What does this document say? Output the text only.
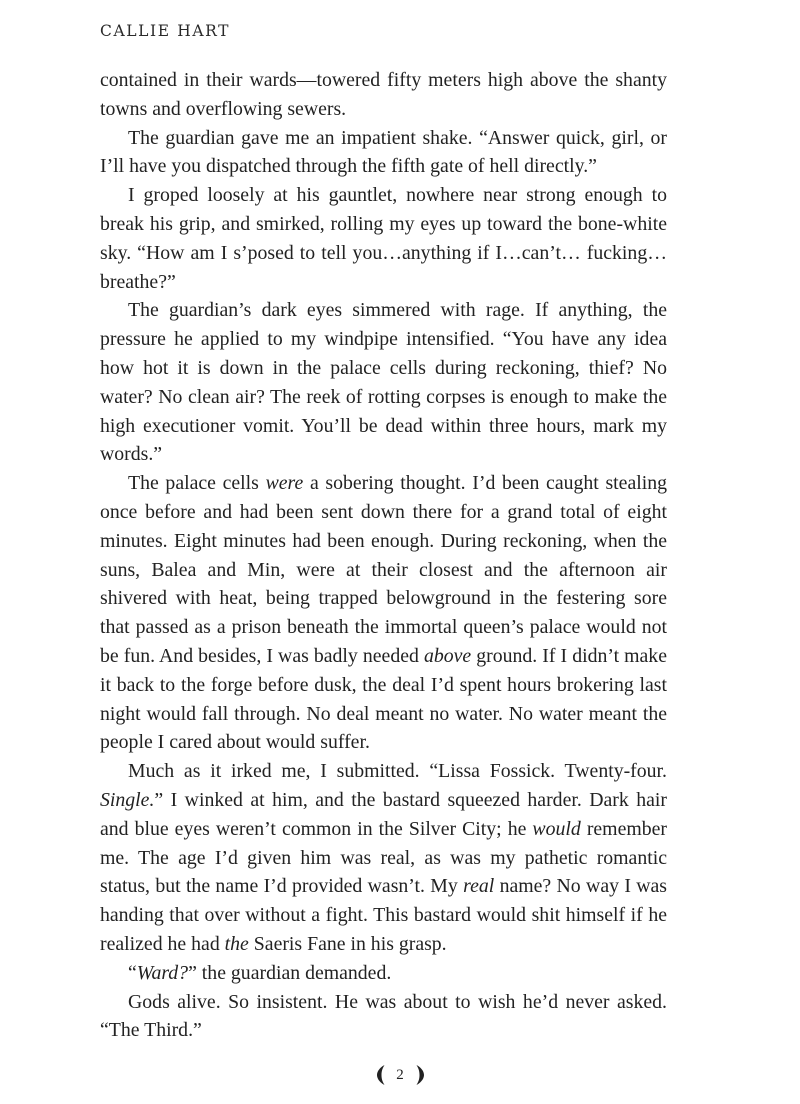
CALLIE HART

contained in their wards—towered fifty meters high above the shanty towns and overflowing sewers.

The guardian gave me an impatient shake. “Answer quick, girl, or I’ll have you dispatched through the fifth gate of hell directly.”

I groped loosely at his gauntlet, nowhere near strong enough to break his grip, and smirked, rolling my eyes up toward the bone-white sky. “How am I s’posed to tell you…anything if I…can’t… fucking…breathe?”

The guardian’s dark eyes simmered with rage. If anything, the pressure he applied to my windpipe intensified. “You have any idea how hot it is down in the palace cells during reckoning, thief? No water? No clean air? The reek of rotting corpses is enough to make the high executioner vomit. You’ll be dead within three hours, mark my words.”

The palace cells were a sobering thought. I’d been caught stealing once before and had been sent down there for a grand total of eight minutes. Eight minutes had been enough. During reckoning, when the suns, Balea and Min, were at their closest and the afternoon air shivered with heat, being trapped belowground in the festering sore that passed as a prison beneath the immortal queen’s palace would not be fun. And besides, I was badly needed above ground. If I didn’t make it back to the forge before dusk, the deal I’d spent hours brokering last night would fall through. No deal meant no water. No water meant the people I cared about would suffer.

Much as it irked me, I submitted. “Lissa Fossick. Twenty-four. Single.” I winked at him, and the bastard squeezed harder. Dark hair and blue eyes weren’t common in the Silver City; he would remember me. The age I’d given him was real, as was my pathetic romantic status, but the name I’d provided wasn’t. My real name? No way I was handing that over without a fight. This bastard would shit himself if he realized he had the Saeris Fane in his grasp.

“Ward?” the guardian demanded.

Gods alive. So insistent. He was about to wish he’d never asked. “The Third.”

2
